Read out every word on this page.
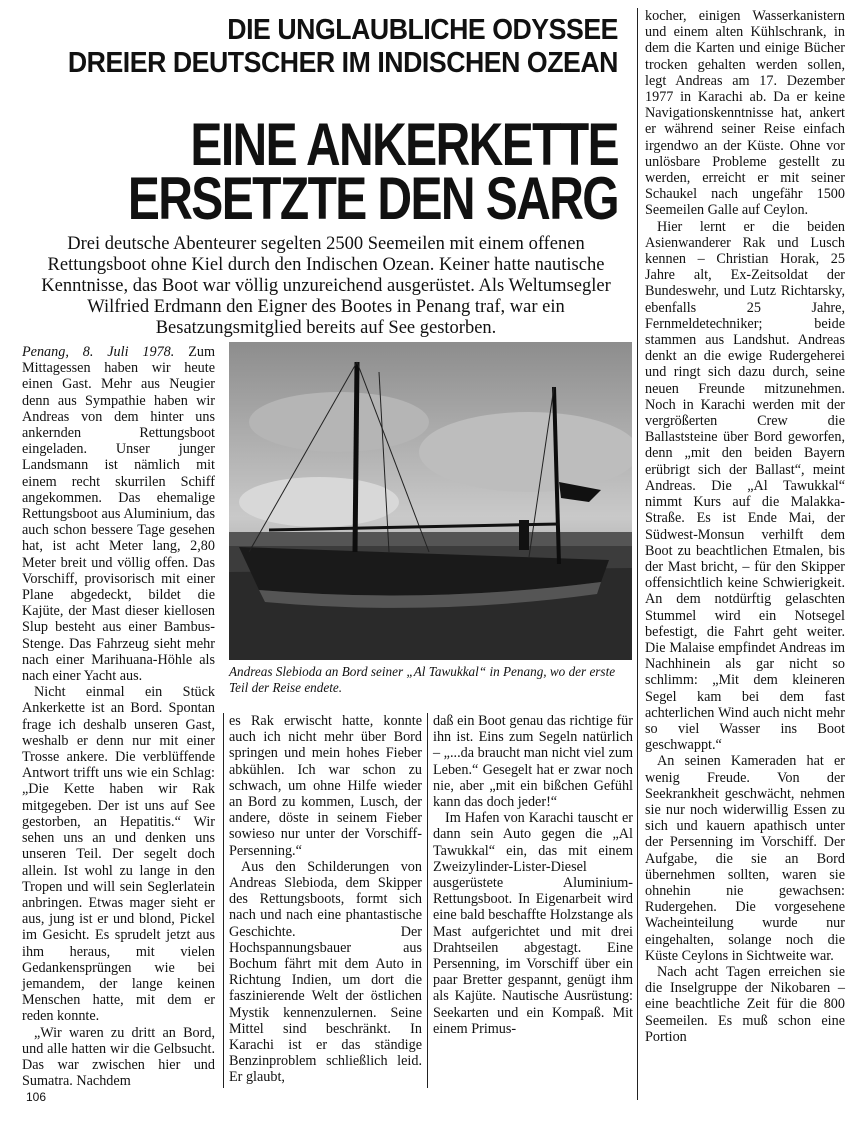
DIE UNGLAUBLICHE ODYSSEE
DREIER DEUTSCHER IM INDISCHEN OZEAN
EINE ANKERKETTE
ERSETZTE DEN SARG
Drei deutsche Abenteurer segelten 2500 Seemeilen mit einem offenen Rettungsboot ohne Kiel durch den Indischen Ozean. Keiner hatte nautische Kenntnisse, das Boot war völlig unzureichend ausgerüstet. Als Weltumsegler Wilfried Erdmann den Eigner des Bootes in Penang traf, war ein Besatzungsmitglied bereits auf See gestorben.

Penang, 8. Juli 1978. Zum Mittagessen haben wir heute einen Gast. Mehr aus Neugier denn aus Sympathie haben wir Andreas von dem hinter uns ankernden Rettungsboot eingeladen. Unser junger Landsmann ist nämlich mit einem recht skurrilen Schiff angekommen. Das ehemalige Rettungsboot aus Aluminium, das auch schon bessere Tage gesehen hat, ist acht Meter lang, 2,80 Meter breit und völlig offen. Das Vorschiff, provisorisch mit einer Plane abgedeckt, bildet die Kajüte, der Mast dieser kiellosen Slup besteht aus einer Bambus-Stenge. Das Fahrzeug sieht mehr nach einer Marihuana-Höhle als nach einer Yacht aus.

Nicht einmal ein Stück Ankerkette ist an Bord. Spontan frage ich deshalb unseren Gast, weshalb er denn nur mit einer Trosse ankere. Die verblüffende Antwort trifft uns wie ein Schlag: „Die Kette haben wir Rak mitgegeben. Der ist uns auf See gestorben, an Hepatitis.“ Wir sehen uns an und denken uns unseren Teil. Der segelt doch allein. Ist wohl zu lange in den Tropen und will sein Seglerlatein anbringen. Etwas mager sieht er aus, jung ist er und blond, Pickel im Gesicht. Es sprudelt jetzt aus ihm heraus, mit vielen Gedankensprüngen wie bei jemandem, der lange keinen Menschen hatte, mit dem er reden konnte.

„Wir waren zu dritt an Bord, und alle hatten wir die Gelbsucht. Das war zwischen hier und Sumatra. Nachdem

Andreas Slebioda an Bord seiner „Al Tawukkal“ in Penang, wo der erste Teil der Reise endete.

es Rak erwischt hatte, konnte auch ich nicht mehr über Bord springen und mein hohes Fieber abkühlen. Ich war schon zu schwach, um ohne Hilfe wieder an Bord zu kommen, Lusch, der andere, döste in seinem Fieber sowieso nur unter der Vorschiff-Persenning.“

Aus den Schilderungen von Andreas Slebioda, dem Skipper des Rettungsboots, formt sich nach und nach eine phantastische Geschichte. Der Hochspannungsbauer aus Bochum fährt mit dem Auto in Richtung Indien, um dort die faszinierende Welt der östlichen Mystik kennenzulernen. Seine Mittel sind beschränkt. In Karachi ist er das ständige Benzinproblem schließlich leid. Er glaubt,

daß ein Boot genau das richtige für ihn ist. Eins zum Segeln natürlich – „...da braucht man nicht viel zum Leben.“ Gesegelt hat er zwar noch nie, aber „mit ein bißchen Gefühl kann das doch jeder!“

Im Hafen von Karachi tauscht er dann sein Auto gegen die „Al Tawukkal“ ein, das mit einem Zweizylinder-Lister-Diesel ausgerüstete Aluminium-Rettungsboot. In Eigenarbeit wird eine bald beschaffte Holzstange als Mast aufgerichtet und mit drei Drahtseilen abgestagt. Eine Persenning, im Vorschiff über ein paar Bretter gespannt, genügt ihm als Kajüte. Nautische Ausrüstung: Seekarten und ein Kompaß. Mit einem Primus-

kocher, einigen Wasserkanistern und einem alten Kühlschrank, in dem die Karten und einige Bücher trocken gehalten werden sollen, legt Andreas am 17. Dezember 1977 in Karachi ab. Da er keine Navigationskenntnisse hat, ankert er während seiner Reise einfach irgendwo an der Küste. Ohne vor unlösbare Probleme gestellt zu werden, erreicht er mit seiner Schaukel nach ungefähr 1500 Seemeilen Galle auf Ceylon.

Hier lernt er die beiden Asienwanderer Rak und Lusch kennen – Christian Horak, 25 Jahre alt, Ex-Zeitsoldat der Bundeswehr, und Lutz Richtarsky, ebenfalls 25 Jahre, Fernmeldetechniker; beide stammen aus Landshut. Andreas denkt an die ewige Rudergeherei und ringt sich dazu durch, seine neuen Freunde mitzunehmen. Noch in Karachi werden mit der vergrößerten Crew die Ballaststeine über Bord geworfen, denn „mit den beiden Bayern erübrigt sich der Ballast“, meint Andreas. Die „Al Tawukkal“ nimmt Kurs auf die Malakka-Straße. Es ist Ende Mai, der Südwest-Monsun verhilft dem Boot zu beachtlichen Etmalen, bis der Mast bricht, – für den Skipper offensichtlich keine Schwierigkeit. An dem notdürftig gelaschten Stummel wird ein Notsegel befestigt, die Fahrt geht weiter. Die Malaise empfindet Andreas im Nachhinein als gar nicht so schlimm: „Mit dem kleineren Segel kam bei dem fast achterlichen Wind auch nicht mehr so viel Wasser ins Boot geschwappt.“

An seinen Kameraden hat er wenig Freude. Von der Seekrankheit geschwächt, nehmen sie nur noch widerwillig Essen zu sich und kauern apathisch unter der Persenning im Vorschiff. Der Aufgabe, die sie an Bord übernehmen sollten, waren sie ohnehin nie gewachsen: Rudergehen. Die vorgesehene Wacheinteilung wurde nur eingehalten, solange noch die Küste Ceylons in Sichtweite war.

Nach acht Tagen erreichen sie die Inselgruppe der Nikobaren – eine beachtliche Zeit für die 800 Seemeilen. Es muß schon eine Portion

106
